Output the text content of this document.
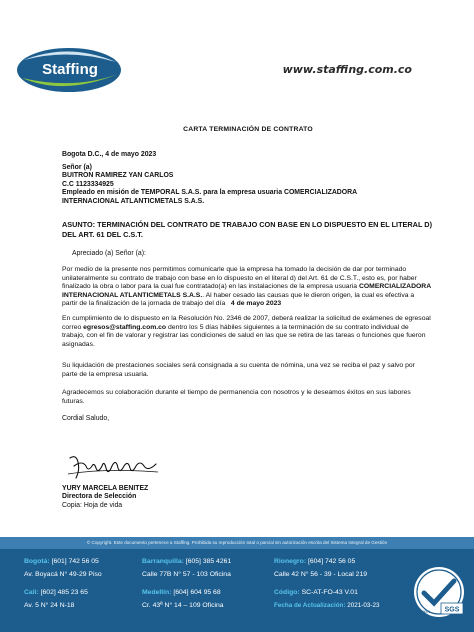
Staffing	www.staffing.com.co
CARTA TERMINACIÓN DE CONTRATO
Bogota D.C., 4 de mayo 2023
Señor (a)
BUITRON RAMIREZ YAN CARLOS
C.C 1123334925
Empleado en misión de TEMPORAL S.A.S. para la empresa usuaria COMERCIALIZADORA
INTERNACIONAL ATLANTICMETALS S.A.S.
ASUNTO: TERMINACIÓN DEL CONTRATO DE TRABAJO CON BASE EN LO DISPUESTO EN EL LITERAL D)
DEL ART. 61 DEL C.S.T.
Apreciado (a) Señor (a):
Por medio de la presente nos permitimos comunicarle que la empresa ha tomado la decisión de dar por terminado
unilateralmente su contrato de trabajo con base en lo dispuesto en el literal d) del Art. 61 de C.S.T., esto es, por haber
finalizado la obra o labor para la cual fue contratado(a) en las instalaciones de la empresa usuaria COMERCIALIZADORA
INTERNACIONAL ATLANTICMETALS S.A.S.. Al haber cesado las causas que le dieron origen, la cual es efectiva a
partir de la finalización de la jornada de trabajo del día 4 de mayo 2023
En cumplimiento de lo dispuesto en la Resolución No. 2346 de 2007, deberá realizar la solicitud de exámenes de egresoal
correo egresos@staffing.com.co dentro los 5 días hábiles siguientes a la terminación de su contrato individual de
trabajo, con el fin de valorar y registrar las condiciones de salud en las que se retira de las tareas o funciones que fueron
asignadas.
Su liquidación de prestaciones sociales será consignada a su cuenta de nómina, una vez se reciba el paz y salvo por
parte de la empresa usuaria.
Agradecemos su colaboración durante el tiempo de permanencia con nosotros y le deseamos éxitos en sus labores
futuras.
Cordial Saludo,
YURY MARCELA BENITEZ
Directora de Selección
Copia: Hoja de vida
© Copyright. Este documento pertenece a Staffing. Prohibida su reproducción total o parcial sin autorización escrita del Sistema Integral de Gestión
Bogotá: [601] 742 56 05
Av. Boyacá N° 49-29 Piso
Cali: [602] 485 23 65
Av. 5 N° 24 N-18
Barranquilla: [605] 385 4261
Calle 77B N° 57 - 103 Oficina
Medellín: [604] 604 95 68
Cr. 43ª N° 14 – 109 Oficina
Rionegro: [604] 742 56 05
Calle 42 N° 56 - 39 - Local 219
Código: SC-AT-FO-43 V.01
Fecha de Actualización: 2021-03-23
SGS
ISO 9001
